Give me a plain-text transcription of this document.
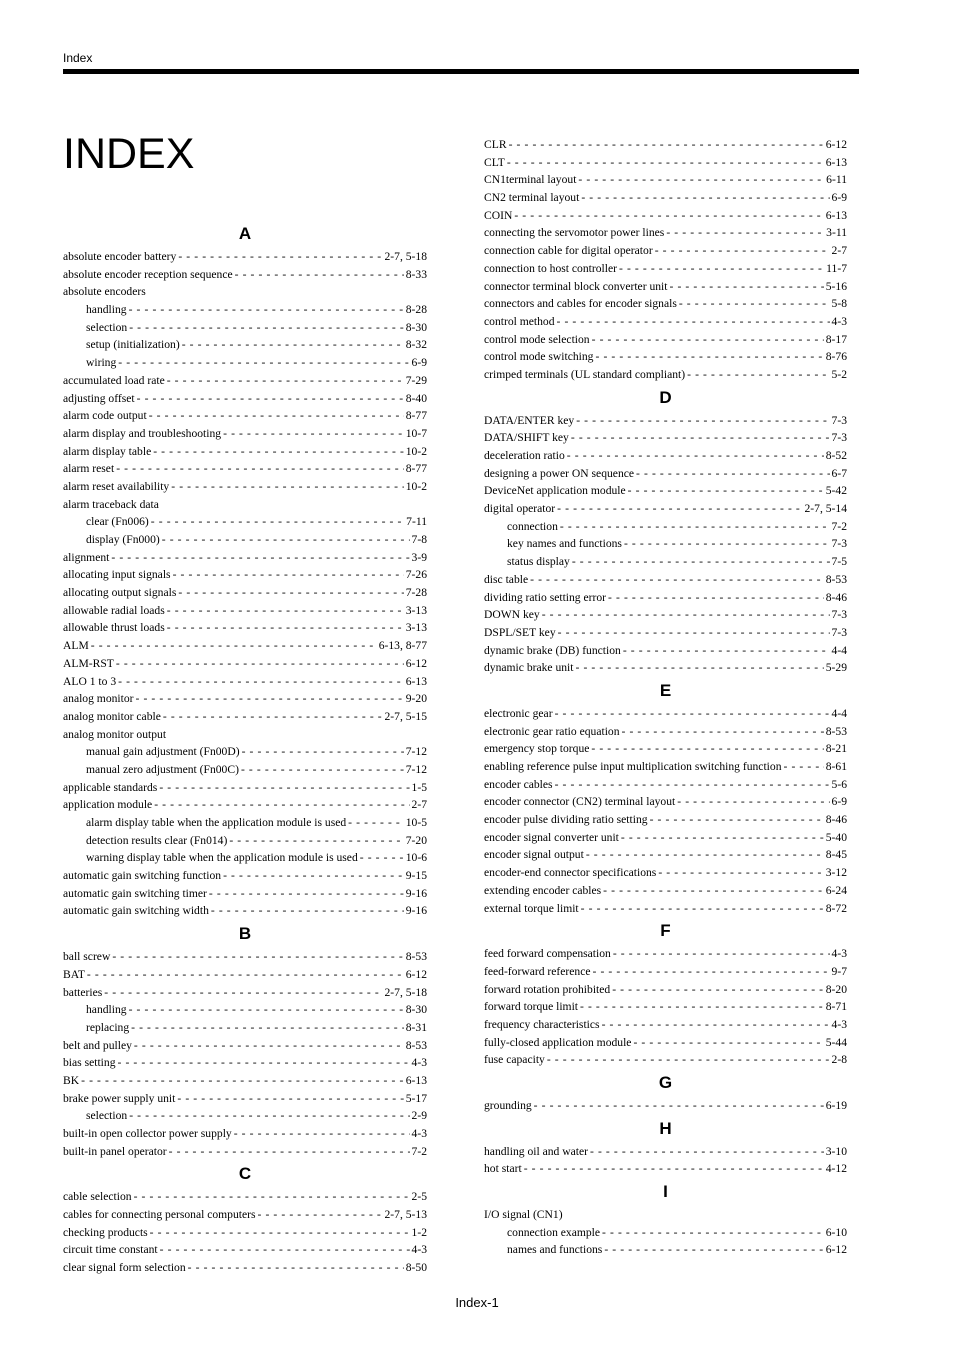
Index
INDEX
A
absolute encoder battery - - -	2-7, 5-18
absolute encoder reception sequence - - -	8-33
absolute encoders
handling - - -	8-28
selection - - -	8-30
setup (initialization) - - -	8-32
wiring - - -	6-9
accumulated load rate - - -	7-29
adjusting offset - - -	8-40
alarm code output - - -	8-77
alarm display and troubleshooting - - -	10-7
alarm display table - - -	10-2
alarm reset - - -	8-77
alarm reset availability - - -	10-2
alarm traceback data
clear (Fn006) - - -	7-11
display (Fn000) - - -	7-8
alignment - - -	3-9
allocating input signals - - -	7-26
allocating output signals - - -	7-28
allowable radial loads - - -	3-13
allowable thrust loads - - -	3-13
ALM - - -	6-13, 8-77
ALM-RST - - -	6-12
ALO 1 to 3 - - -	6-13
analog monitor - - -	9-20
analog monitor cable - - -	2-7, 5-15
analog monitor output
manual gain adjustment (Fn00D) - - -	7-12
manual zero adjustment (Fn00C) - - -	7-12
applicable standards - - -	1-5
application module - - -	2-7
alarm display table when the application module is used - - -	10-5
detection results clear (Fn014) - - -	7-20
warning display table when the application module is used - - -	10-6
automatic gain switching function - - -	9-15
automatic gain switching timer - - -	9-16
automatic gain switching width - - -	9-16
B
ball screw - - -	8-53
BAT - - -	6-12
batteries - - -	2-7, 5-18
handling - - -	8-30
replacing - - -	8-31
belt and pulley - - -	8-53
bias setting - - -	4-3
BK - - -	6-13
brake power supply unit - - -	5-17
selection - - -	2-9
built-in open collector power supply - - -	4-3
built-in panel operator - - -	7-2
C
cable selection - - -	2-5
cables for connecting personal computers - - -	2-7, 5-13
checking products - - -	1-2
circuit time constant - - -	4-3
clear signal form selection - - -	8-50
CLR - - -	6-12
CLT - - -	6-13
CN1terminal layout - - -	6-11
CN2 terminal layout - - -	6-9
COIN - - -	6-13
connecting the servomotor power lines - - -	3-11
connection cable for digital operator - - -	2-7
connection to host controller - - -	11-7
connector terminal block converter unit - - -	5-16
connectors and cables for encoder signals - - -	5-8
control method - - -	4-3
control mode selection - - -	8-17
control mode switching - - -	8-76
crimped terminals (UL standard compliant) - - -	5-2
D
DATA/ENTER key - - -	7-3
DATA/SHIFT key - - -	7-3
deceleration ratio - - -	8-52
designing a power ON sequence - - -	6-7
DeviceNet application module - - -	5-42
digital operator - - -	2-7, 5-14
connection - - -	7-2
key names and functions - - -	7-3
status display - - -	7-5
disc table - - -	8-53
dividing ratio setting error - - -	8-46
DOWN key - - -	7-3
DSPL/SET key - - -	7-3
dynamic brake (DB) function - - -	4-4
dynamic brake unit - - -	5-29
E
electronic gear - - -	4-4
electronic gear ratio equation - - -	8-53
emergency stop torque - - -	8-21
enabling reference pulse input multiplication switching function - - -	8-61
encoder cables - - -	5-6
encoder connector (CN2) terminal layout - - -	6-9
encoder pulse dividing ratio setting - - -	8-46
encoder signal converter unit - - -	5-40
encoder signal output - - -	8-45
encoder-end connector specifications - - -	3-12
extending encoder cables - - -	6-24
external torque limit - - -	8-72
F
feed forward compensation - - -	4-3
feed-forward reference - - -	9-7
forward rotation prohibited - - -	8-20
forward torque limit - - -	8-71
frequency characteristics - - -	4-3
fully-closed application module - - -	5-44
fuse capacity - - -	2-8
G
grounding - - -	6-19
H
handling oil and water - - -	3-10
hot start - - -	4-12
I
I/O signal (CN1)
connection example - - -	6-10
names and functions - - -	6-12
Index-1
